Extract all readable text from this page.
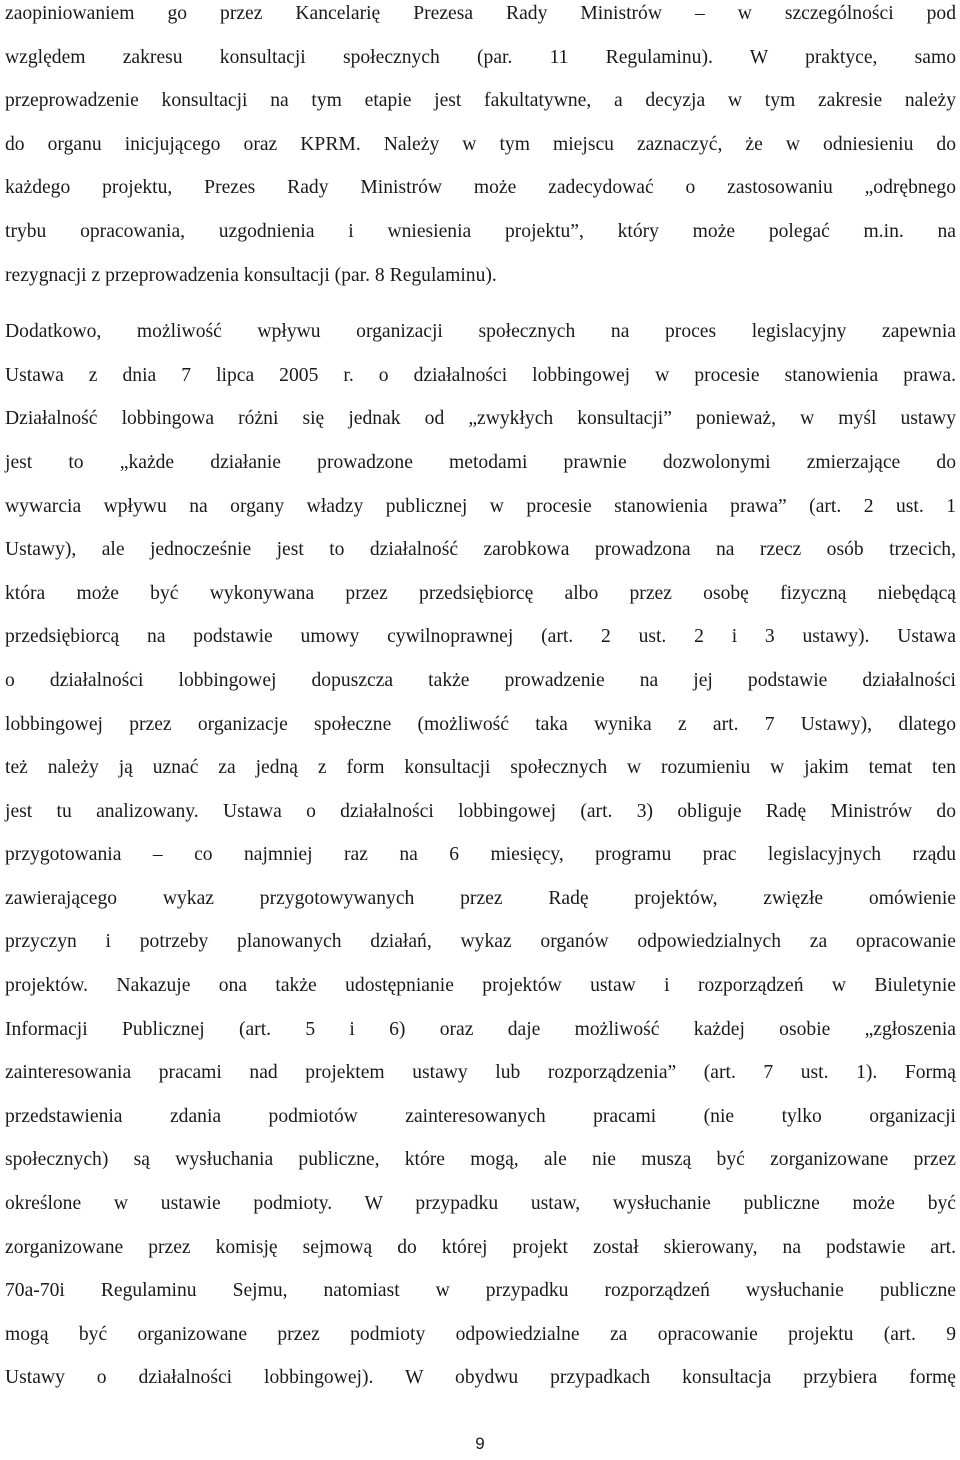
zaopiniowaniem go przez Kancelarię Prezesa Rady Ministrów – w szczególności pod
względem zakresu konsultacji społecznych (par. 11 Regulaminu). W praktyce, samo
przeprowadzenie konsultacji na tym etapie jest fakultatywne, a decyzja w tym zakresie należy
do organu inicjującego oraz KPRM. Należy w tym miejscu zaznaczyć, że w odniesieniu do
każdego projektu, Prezes Rady Ministrów może zadecydować o zastosowaniu „odrębnego
trybu opracowania, uzgodnienia i wniesienia projektu”, który może polegać m.in. na
rezygnacji z przeprowadzenia konsultacji (par. 8 Regulaminu).
Dodatkowo, możliwość wpływu organizacji społecznych na proces legislacyjny zapewnia
Ustawa z dnia 7 lipca 2005 r. o działalności lobbingowej w procesie stanowienia prawa.
Działalność lobbingowa różni się jednak od „zwykłych konsultacji” ponieważ, w myśl ustawy
jest to „każde działanie prowadzone metodami prawnie dozwolonymi zmierzające do
wywarcia wpływu na organy władzy publicznej w procesie stanowienia prawa” (art. 2 ust. 1
Ustawy), ale jednocześnie jest to działalność zarobkowa prowadzona na rzecz osób trzecich,
która może być wykonywana przez przedsiębiorcę albo przez osobę fizyczną niebędącą
przedsiębiorcą na podstawie umowy cywilnoprawnej (art. 2 ust. 2 i 3 ustawy). Ustawa
o działalności lobbingowej dopuszcza także prowadzenie na jej podstawie działalności
lobbingowej przez organizacje społeczne (możliwość taka wynika z art. 7 Ustawy), dlatego
też należy ją uznać za jedną z form konsultacji społecznych w rozumieniu w jakim temat ten
jest tu analizowany. Ustawa o działalności lobbingowej (art. 3) obliguje Radę Ministrów do
przygotowania – co najmniej raz na 6 miesięcy, programu prac legislacyjnych rządu
zawierającego wykaz przygotowywanych przez Radę projektów, zwięzłe omówienie
przyczyn i potrzeby planowanych działań, wykaz organów odpowiedzialnych za opracowanie
projektów. Nakazuje ona także udostępnianie projektów ustaw i rozporządzeń w Biuletynie
Informacji Publicznej (art. 5 i 6) oraz daje możliwość każdej osobie „zgłoszenia
zainteresowania pracami nad projektem ustawy lub rozporządzenia” (art. 7 ust. 1). Formą
przedstawienia zdania podmiotów zainteresowanych pracami (nie tylko organizacji
społecznych) są wysłuchania publiczne, które mogą, ale nie muszą być zorganizowane przez
określone w ustawie podmioty. W przypadku ustaw, wysłuchanie publiczne może być
zorganizowane przez komisję sejmową do której projekt został skierowany, na podstawie art.
70a-70i Regulaminu Sejmu, natomiast w przypadku rozporządzeń wysłuchanie publiczne
mogą być organizowane przez podmioty odpowiedzialne za opracowanie projektu (art. 9
Ustawy o działalności lobbingowej). W obydwu przypadkach konsultacja przybiera formę
9
